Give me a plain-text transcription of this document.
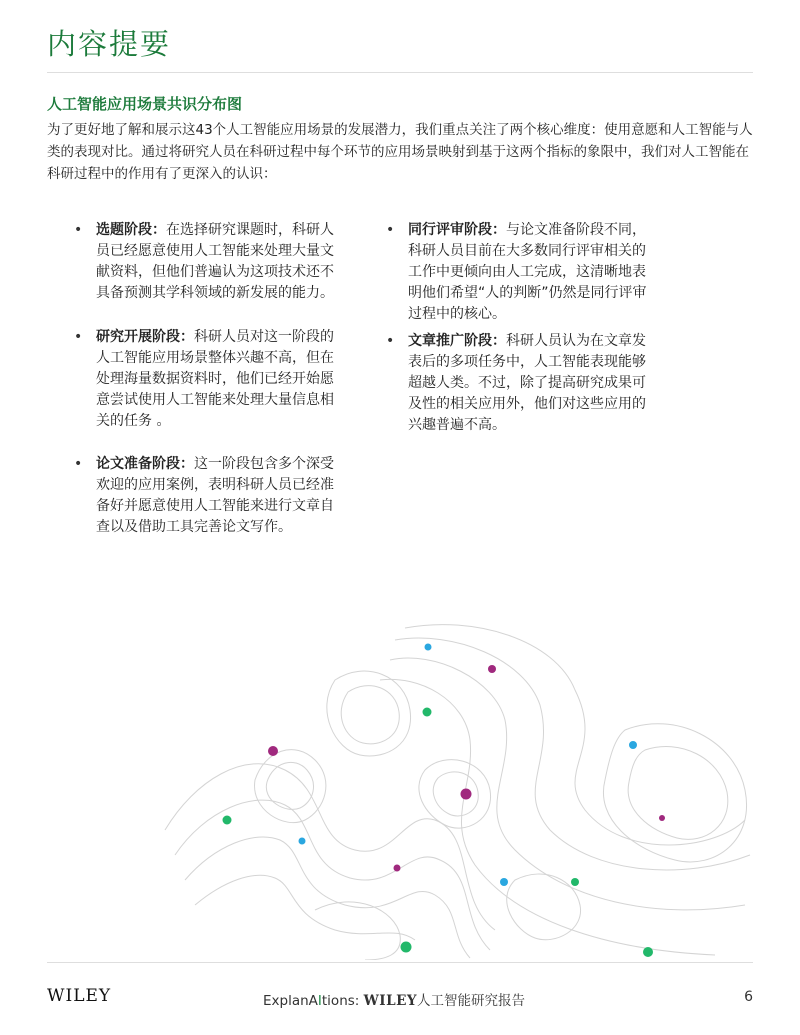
内容提要
人工智能应用场景共识分布图
为了更好地了解和展示这43个人工智能应用场景的发展潜力，我们重点关注了两个核心维度：使用意愿和人工智能与人类的表现对比。通过将研究人员在科研过程中每个环节的应用场景映射到基于这两个指标的象限中，我们对人工智能在科研过程中的作用有了更深入的认识：
• 选题阶段：在选择研究课题时，科研人员已经愿意使用人工智能来处理大量文献资料，但他们普遍认为这项技术还不具备预测其学科领域的新发展的能力。
• 研究开展阶段：科研人员对这一阶段的人工智能应用场景整体兴趣不高，但在处理海量数据资料时，他们已经开始愿意尝试使用人工智能来处理大量信息相关的任务 。
• 论文准备阶段：这一阶段包含多个深受欢迎的应用案例，表明科研人员已经准备好并愿意使用人工智能来进行文章自查以及借助工具完善论文写作。
• 同行评审阶段：与论文准备阶段不同，科研人员目前在大多数同行评审相关的工作中更倾向由人工完成，这清晰地表明他们希望“人的判断”仍然是同行评审过程中的核心。
• 文章推广阶段：科研人员认为在文章发表后的多项任务中，人工智能表现能够超越人类。不过，除了提高研究成果可及性的相关应用外，他们对这些应用的兴趣普遍不高。
WILEY	ExplanAItions: WILEY人工智能研究报告	6
